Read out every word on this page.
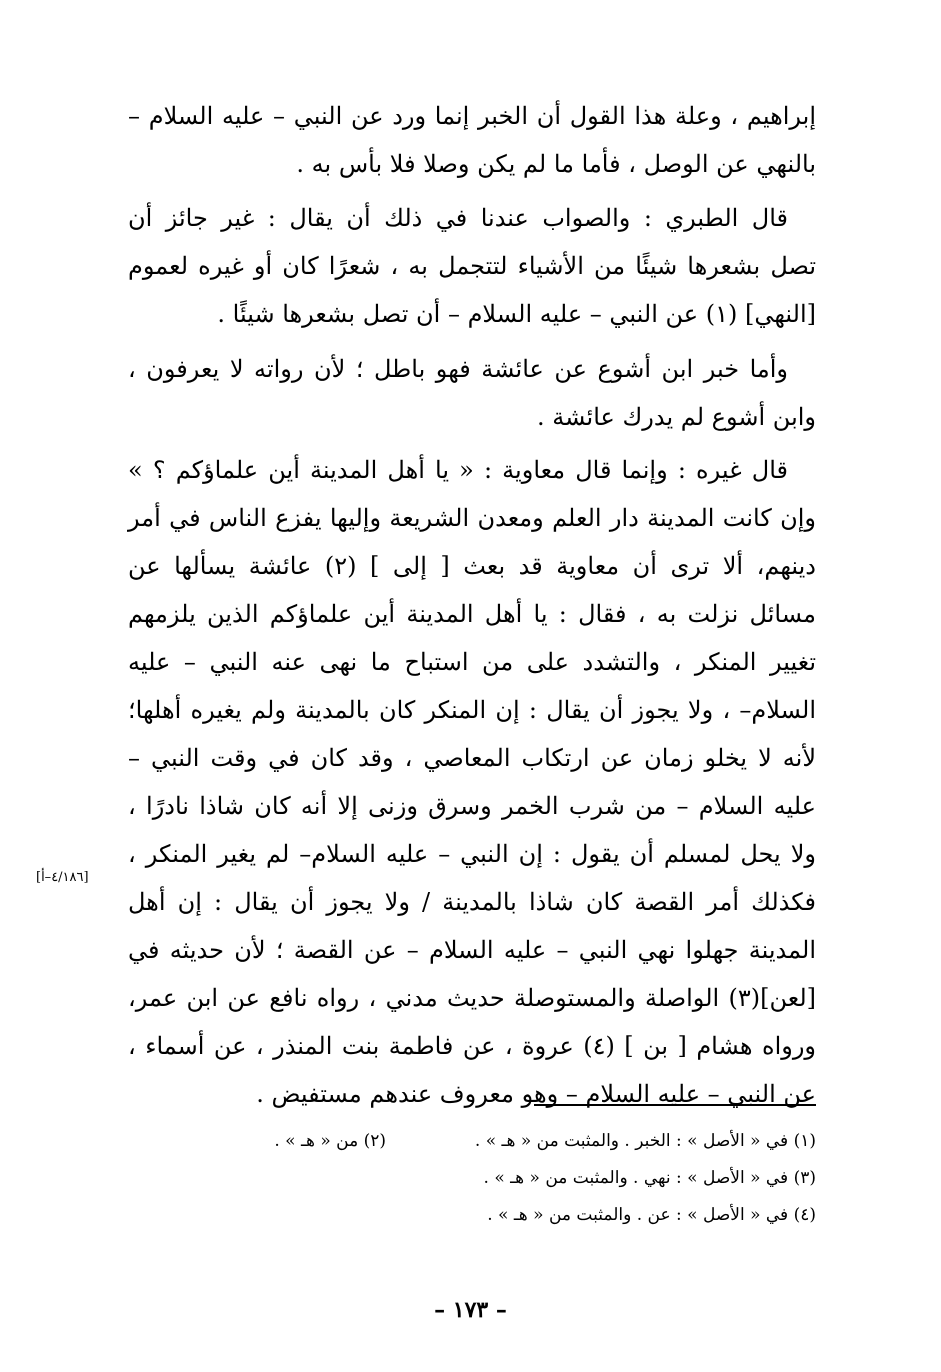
إبراهيم ، وعلة هذا القول أن الخبر إنما ورد عن النبي – عليه السلام –
بالنهي عن الوصل ، فأما ما لم يكن وصلا فلا بأس به .
قال الطبري : والصواب عندنا في ذلك أن يقال : غير جائز أن
تصل بشعرها شيئًا من الأشياء لتتجمل به ، شعرًا كان أو غيره لعموم
[النهي] (١) عن النبي – عليه السلام – أن تصل بشعرها شيئًا .
وأما خبر ابن أشوع عن عائشة فهو باطل ؛ لأن رواته لا يعرفون ،
وابن أشوع لم يدرك عائشة .
قال غيره : وإنما قال معاوية : « يا أهل المدينة أين علماؤكم ؟ »
وإن كانت المدينة دار العلم ومعدن الشريعة وإليها يفزع الناس في أمر
دينهم، ألا ترى أن معاوية قد بعث [ إلى ] (٢) عائشة يسألها عن
مسائل نزلت به ، فقال : يا أهل المدينة أين علماؤكم الذين يلزمهم
تغيير المنكر ، والتشدد على من استباح ما نهى عنه النبي – عليه
السلام– ، ولا يجوز أن يقال : إن المنكر كان بالمدينة ولم يغيره أهلها؛
لأنه لا يخلو زمان عن ارتكاب المعاصي ، وقد كان في وقت النبي –
عليه السلام – من شرب الخمر وسرق وزنى إلا أنه كان شاذا نادرًا ،
ولا يحل لمسلم أن يقول : إن النبي – عليه السلام– لم يغير المنكر ،
فكذلك أمر القصة كان شاذا بالمدينة / ولا يجوز أن يقال : إن أهل
المدينة جهلوا نهي النبي – عليه السلام – عن القصة ؛ لأن حديثه في
[لعن](٣) الواصلة والمستوصلة حديث مدني ، رواه نافع عن ابن عمر،
ورواه هشام [ بن ] (٤) عروة ، عن فاطمة بنت المنذر ، عن أسماء ،
عن النبي – عليه السلام – وهو معروف عندهم مستفيض .
[٤/١٨٦–أ]
(١) في « الأصل » : الخبر . والمثبت من « هـ » .
(٢) من « هـ » .
(٣) في « الأصل » : نهي . والمثبت من « هـ » .
(٤) في « الأصل » : عن . والمثبت من « هـ » .
– ١٧٣ –
